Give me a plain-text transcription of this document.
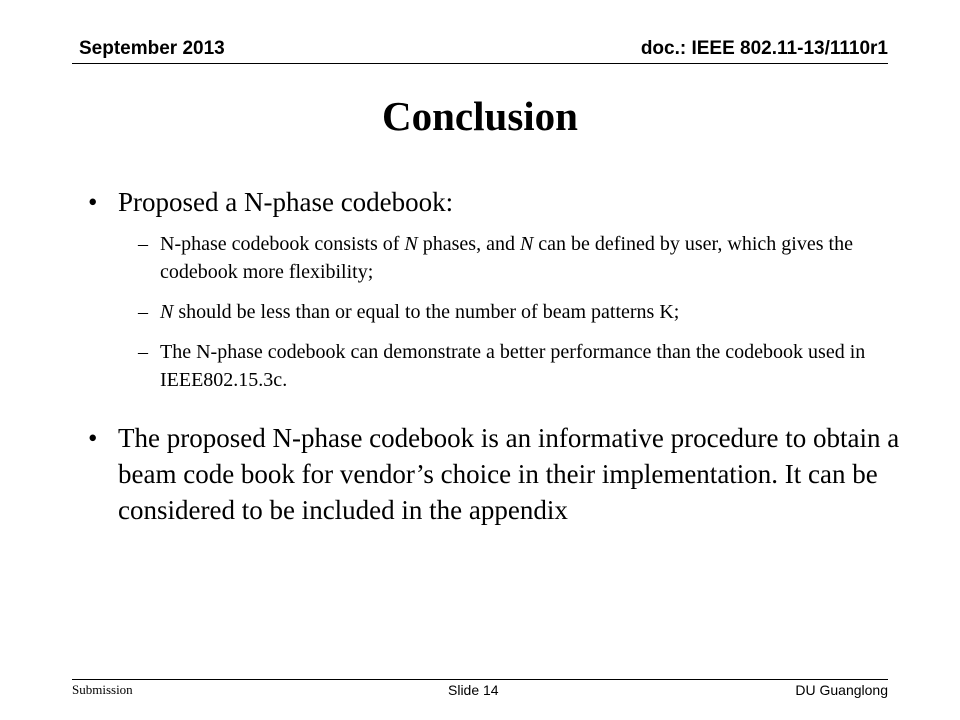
September 2013	doc.: IEEE 802.11-13/1110r1
Conclusion
• Proposed a N-phase codebook:
– N-phase codebook consists of N phases, and N can be defined by user, which gives the codebook more flexibility;
– N should be less than or equal to the number of beam patterns K;
– The N-phase codebook can demonstrate a better performance than the codebook used in IEEE802.15.3c.
• The proposed N-phase codebook is an informative procedure to obtain a beam code book for vendor’s choice in their implementation. It can be considered to be included in the appendix
Submission	Slide 14	DU Guanglong
